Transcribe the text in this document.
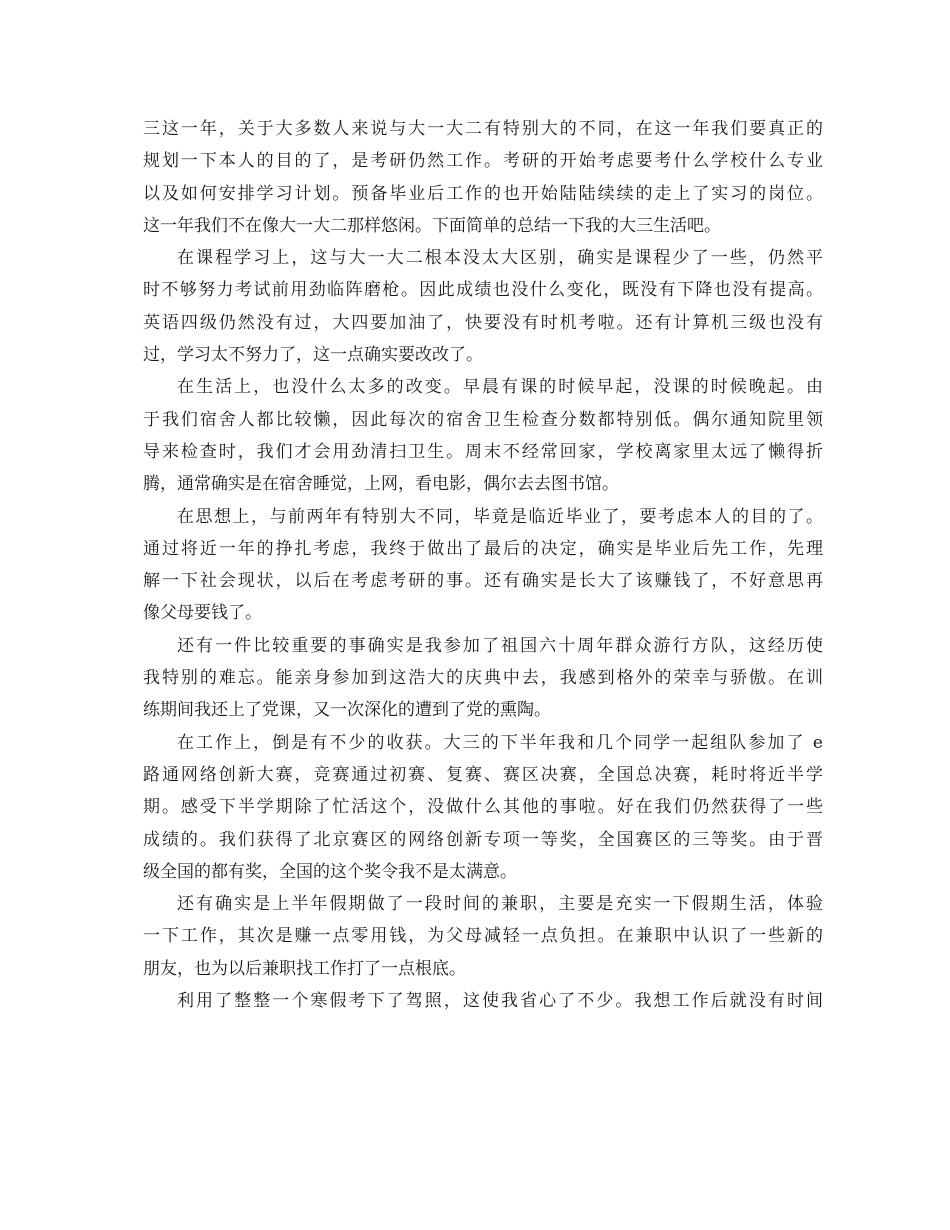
三这一年，关于大多数人来说与大一大二有特别大的不同，在这一年我们要真正的
规划一下本人的目的了，是考研仍然工作。考研的开始考虑要考什么学校什么专业
以及如何安排学习计划。预备毕业后工作的也开始陆陆续续的走上了实习的岗位。
这一年我们不在像大一大二那样悠闲。下面简单的总结一下我的大三生活吧。
在课程学习上，这与大一大二根本没太大区别，确实是课程少了一些，仍然平
时不够努力考试前用劲临阵磨枪。因此成绩也没什么变化，既没有下降也没有提高。
英语四级仍然没有过，大四要加油了，快要没有时机考啦。还有计算机三级也没有
过，学习太不努力了，这一点确实要改改了。
在生活上，也没什么太多的改变。早晨有课的时候早起，没课的时候晚起。由
于我们宿舍人都比较懒，因此每次的宿舍卫生检查分数都特别低。偶尔通知院里领
导来检查时，我们才会用劲清扫卫生。周末不经常回家，学校离家里太远了懒得折
腾，通常确实是在宿舍睡觉，上网，看电影，偶尔去去图书馆。
在思想上，与前两年有特别大不同，毕竟是临近毕业了，要考虑本人的目的了。
通过将近一年的挣扎考虑，我终于做出了最后的决定，确实是毕业后先工作，先理
解一下社会现状，以后在考虑考研的事。还有确实是长大了该赚钱了，不好意思再
像父母要钱了。
还有一件比较重要的事确实是我参加了祖国六十周年群众游行方队，这经历使
我特别的难忘。能亲身参加到这浩大的庆典中去，我感到格外的荣幸与骄傲。在训
练期间我还上了党课，又一次深化的遭到了党的熏陶。
在工作上，倒是有不少的收获。大三的下半年我和几个同学一起组队参加了 e
路通网络创新大赛，竞赛通过初赛、复赛、赛区决赛，全国总决赛，耗时将近半学
期。感受下半学期除了忙活这个，没做什么其他的事啦。好在我们仍然获得了一些
成绩的。我们获得了北京赛区的网络创新专项一等奖，全国赛区的三等奖。由于晋
级全国的都有奖，全国的这个奖令我不是太满意。
还有确实是上半年假期做了一段时间的兼职，主要是充实一下假期生活，体验
一下工作，其次是赚一点零用钱，为父母减轻一点负担。在兼职中认识了一些新的
朋友，也为以后兼职找工作打了一点根底。
利用了整整一个寒假考下了驾照，这使我省心了不少。我想工作后就没有时间
